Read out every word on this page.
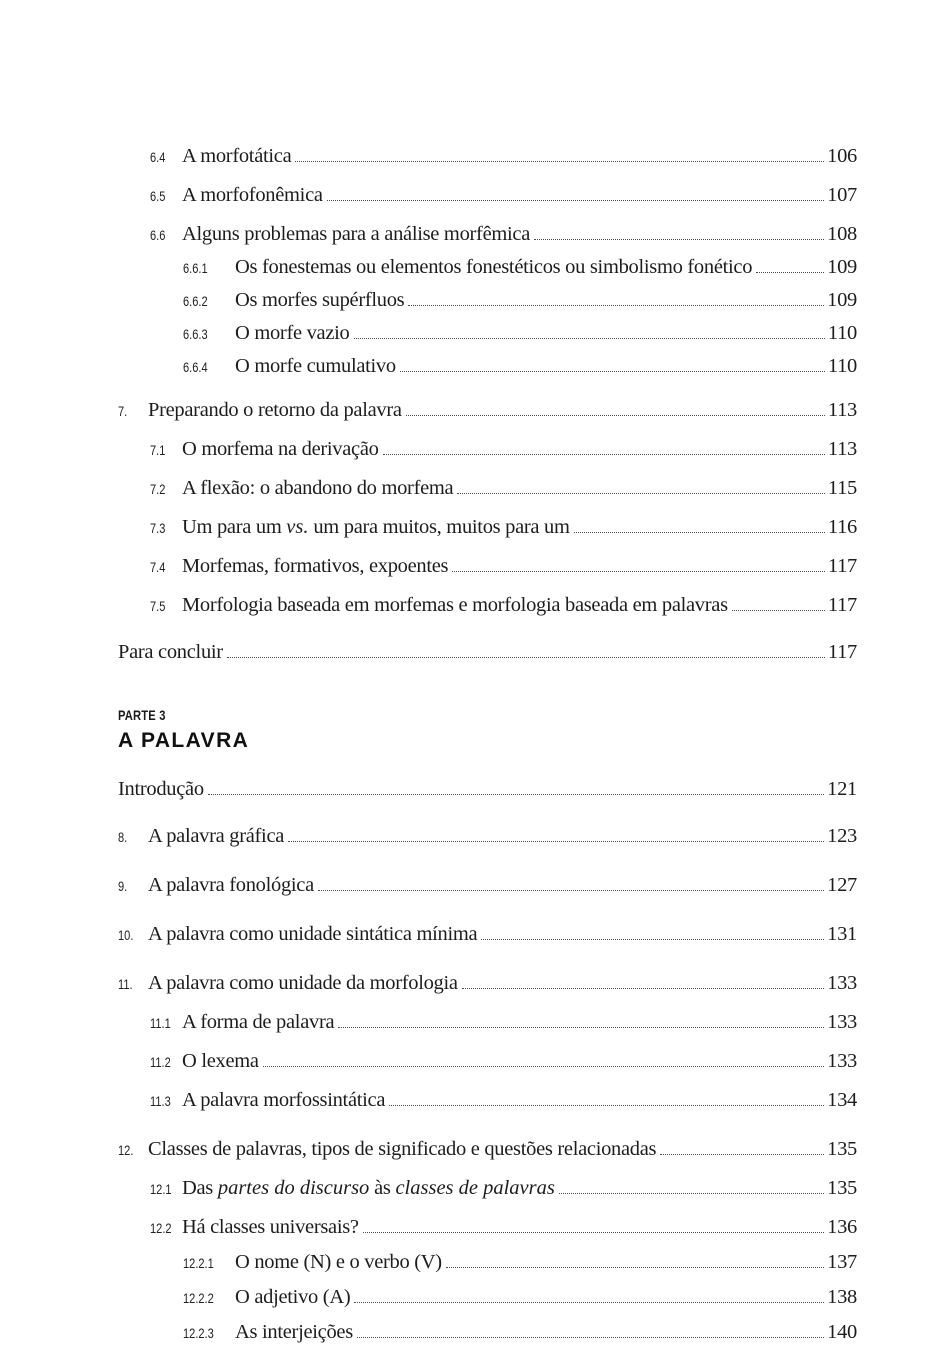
6.4 A morfotática	106
6.5 A morfofonêmica	107
6.6 Alguns problemas para a análise morfêmica	108
6.6.1	Os fonestemas ou elementos fonestéticos ou simbolismo fonético	109
6.6.2	Os morfes supérfluos	109
6.6.3	O morfe vazio	110
6.6.4	O morfe cumulativo	110
7.	Preparando o retorno da palavra	113
7.1 O morfema na derivação	113
7.2 A flexão: o abandono do morfema	115
7.3 Um para um vs. um para muitos, muitos para um	116
7.4 Morfemas, formativos, expoentes	117
7.5 Morfologia baseada em morfemas e morfologia baseada em palavras	117
Para concluir	117
PARTE 3
A PALAVRA
Introdução	121
8.	A palavra gráfica	123
9.	A palavra fonológica	127
10. A palavra como unidade sintática mínima	131
11. A palavra como unidade da morfologia	133
11.1 A forma de palavra	133
11.2 O lexema	133
11.3 A palavra morfossintática	134
12. Classes de palavras, tipos de significado e questões relacionadas	135
12.1 Das partes do discurso às classes de palavras	135
12.2 Há classes universais?	136
12.2.1	O nome (N) e o verbo (V)	137
12.2.2	O adjetivo (A)	138
12.2.3	As interjeições	140
